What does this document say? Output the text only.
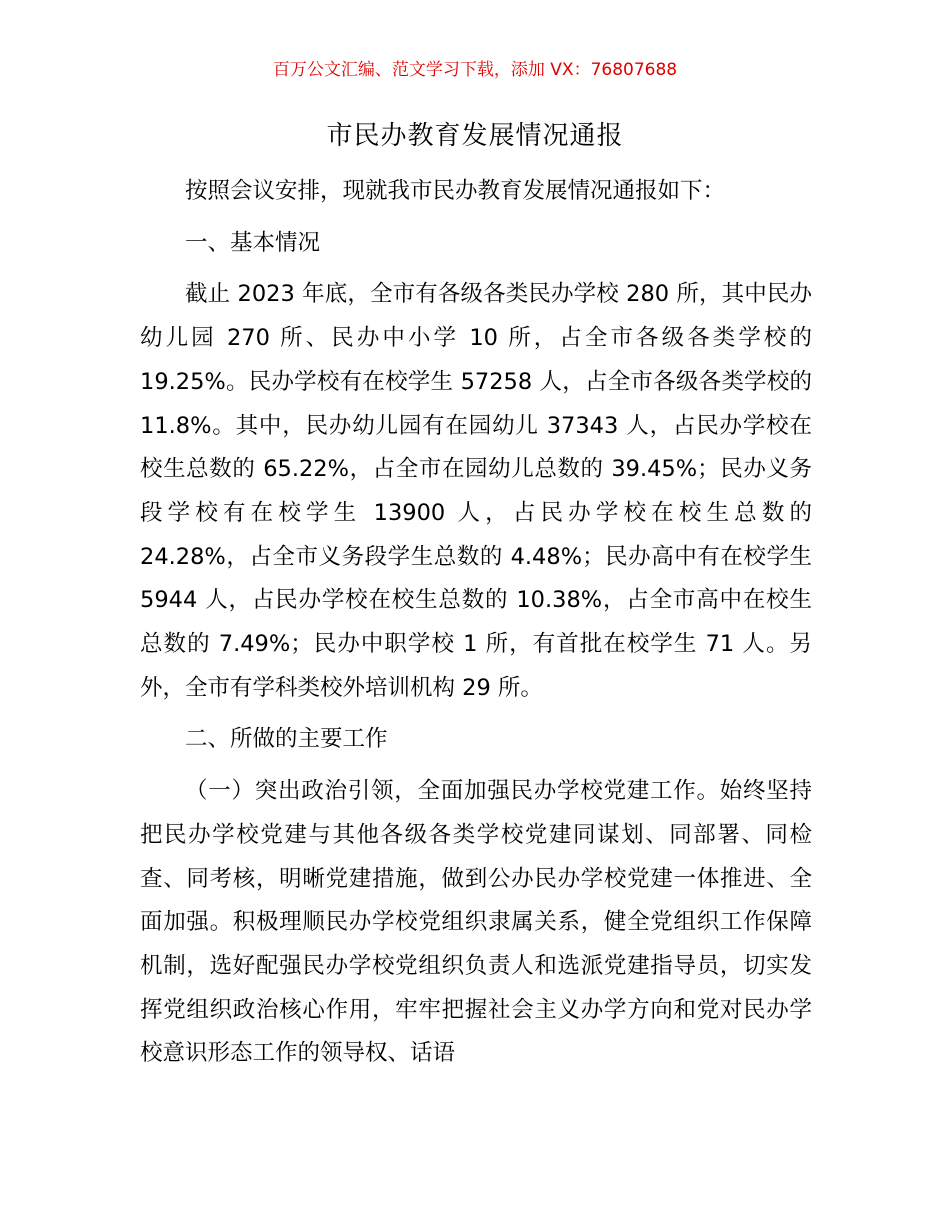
百万公文汇编、范文学习下载，添加 VX：76807688
市民办教育发展情况通报

按照会议安排，现就我市民办教育发展情况通报如下：

一、基本情况

截止 2023 年底，全市有各级各类民办学校 280 所，其中民办幼儿园 270 所、民办中小学 10 所，占全市各级各类学校的 19.25%。民办学校有在校学生 57258 人，占全市各级各类学校的 11.8%。其中，民办幼儿园有在园幼儿 37343 人，占民办学校在校生总数的 65.22%，占全市在园幼儿总数的 39.45%；民办义务段学校有在校学生 13900 人，占民办学校在校生总数的 24.28%，占全市义务段学生总数的 4.48%；民办高中有在校学生 5944 人，占民办学校在校生总数的 10.38%，占全市高中在校生总数的 7.49%；民办中职学校 1 所，有首批在校学生 71 人。另外，全市有学科类校外培训机构 29 所。

二、所做的主要工作

（一）突出政治引领，全面加强民办学校党建工作。始终坚持把民办学校党建与其他各级各类学校党建同谋划、同部署、同检查、同考核，明晰党建措施，做到公办民办学校党建一体推进、全面加强。积极理顺民办学校党组织隶属关系，健全党组织工作保障机制，选好配强民办学校党组织负责人和选派党建指导员，切实发挥党组织政治核心作用，牢牢把握社会主义办学方向和党对民办学校意识形态工作的领导权、话语
